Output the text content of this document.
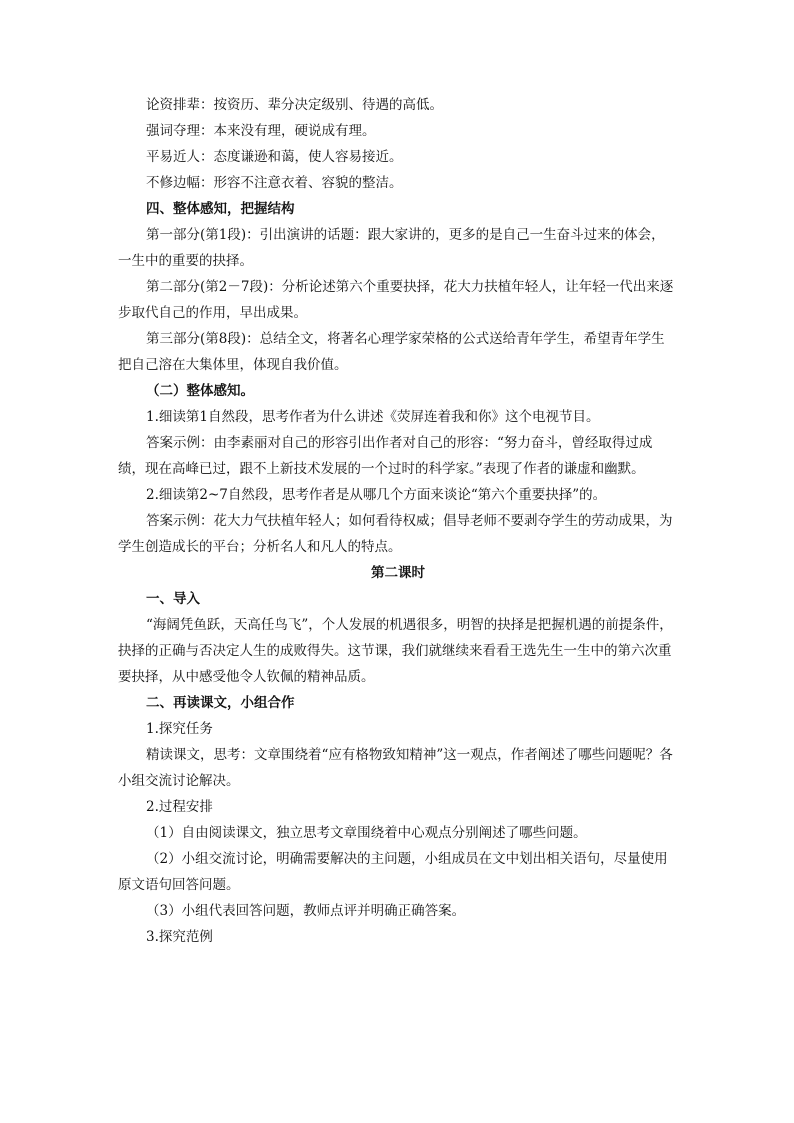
论资排辈：按资历、辈分决定级别、待遇的高低。

强词夺理：本来没有理，硬说成有理。

平易近人：态度谦逊和蔼，使人容易接近。

不修边幅：形容不注意衣着、容貌的整洁。

四、整体感知，把握结构

第一部分(第1段)：引出演讲的话题：跟大家讲的，更多的是自己一生奋斗过来的体会，一生中的重要的抉择。

第二部分(第2－7段)：分析论述第六个重要抉择，花大力扶植年轻人，让年轻一代出来逐步取代自己的作用，早出成果。

第三部分(第8段)：总结全文，将著名心理学家荣格的公式送给青年学生，希望青年学生把自己溶在大集体里，体现自我价值。

（二）整体感知。

1.细读第1自然段，思考作者为什么讲述《荧屏连着我和你》这个电视节目。

答案示例：由李素丽对自己的形容引出作者对自己的形容：“努力奋斗，曾经取得过成绩，现在高峰已过，跟不上新技术发展的一个过时的科学家。”表现了作者的谦虚和幽默。

2.细读第2~7自然段，思考作者是从哪几个方面来谈论“第六个重要抉择”的。

答案示例：花大力气扶植年轻人；如何看待权威；倡导老师不要剥夺学生的劳动成果，为学生创造成长的平台；分析名人和凡人的特点。

第二课时

一、导入

“海阔凭鱼跃，天高任鸟飞”，个人发展的机遇很多，明智的抉择是把握机遇的前提条件，抉择的正确与否决定人生的成败得失。这节课，我们就继续来看看王选先生一生中的第六次重要抉择，从中感受他令人钦佩的精神品质。

二、再读课文，小组合作

1.探究任务

精读课文，思考：文章围绕着“应有格物致知精神”这一观点，作者阐述了哪些问题呢？各小组交流讨论解决。

2.过程安排

（1）自由阅读课文，独立思考文章围绕着中心观点分别阐述了哪些问题。

（2）小组交流讨论，明确需要解决的主问题，小组成员在文中划出相关语句，尽量使用原文语句回答问题。

（3）小组代表回答问题，教师点评并明确正确答案。

3.探究范例
